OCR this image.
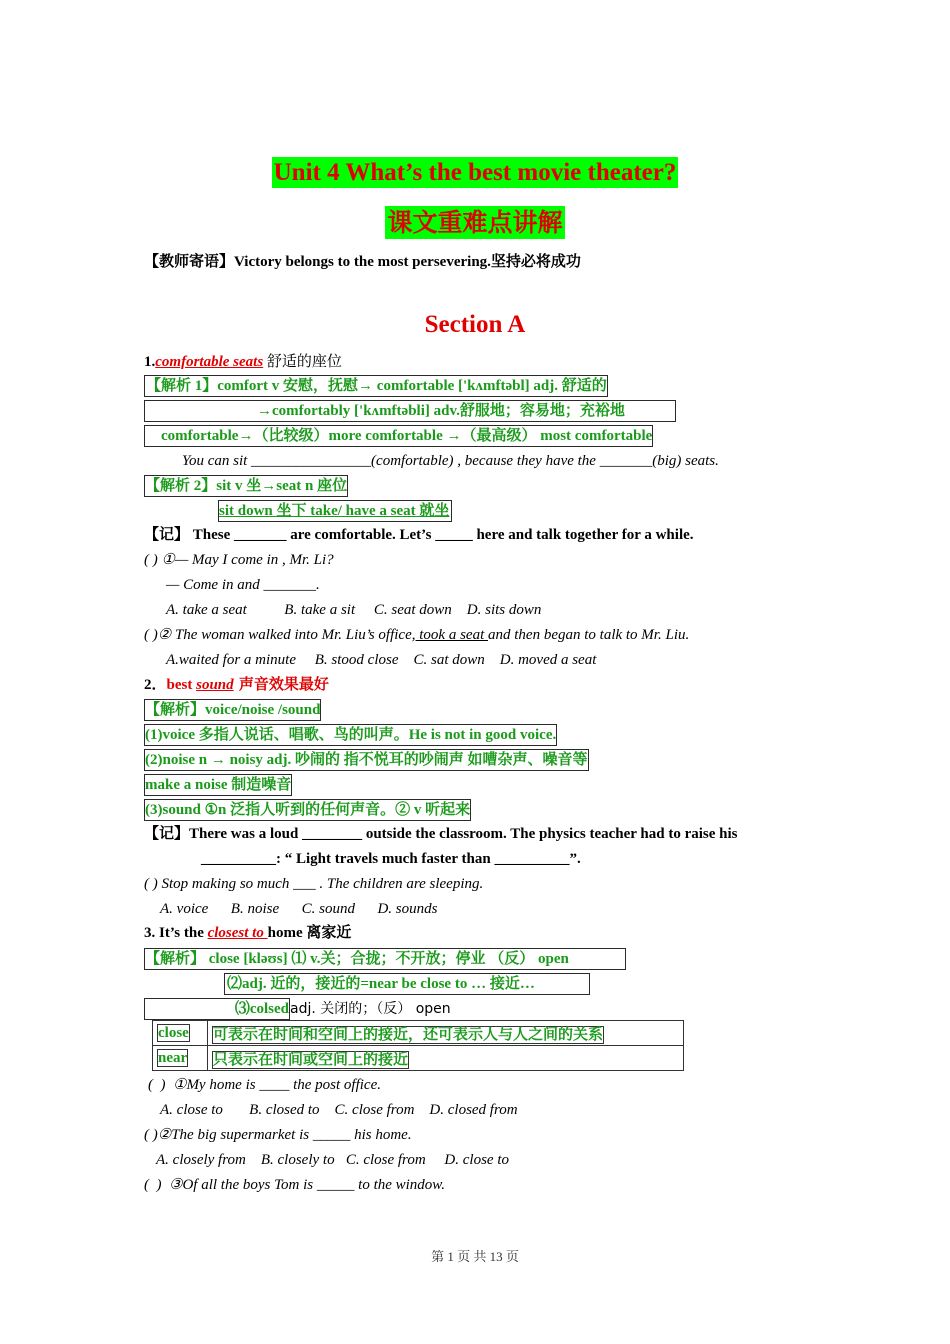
Unit 4 What’s the best movie theater?
课文重难点讲解
【教师寄语】Victory belongs to the most persevering.坚持必将成功
Section A
1.comfortable seats 舒适的座位
【解析 1】comfort v 安慰，抚慰→ comfortable ['kʌmftəbl] adj. 舒适的
→comfortably ['kʌmftəbli] adv.舒服地；容易地；充裕地
comfortable→（比较级）more comfortable →（最高级） most comfortable
You can sit ________________(comfortable) , because they have the _______(big) seats.
【解析 2】sit v 坐→seat n 座位
sit down 坐下 take/ have a seat 就坐
【记】 These _______ are comfortable. Let’s _____ here and talk together for a while.
( ) ①— May I come in , Mr. Li?
— Come in and _______.
A. take a seat          B. take a sit     C. seat down    D. sits down
( )② The woman walked into Mr. Liu’s office, took a seat and then began to talk to Mr. Liu.
A.waited for a minute     B. stood close    C. sat down    D. moved a seat
2．best sound 声音效果最好
【解析】voice/noise /sound
(1)voice 多指人说话、唱歌、鸟的叫声。He is not in good voice.
(2)noise n → noisy adj. 吵闹的 指不悦耳的吵闹声 如嘈杂声、噪音等
make a noise 制造噪音
(3)sound ①n 泛指人听到的任何声音。② v 听起来
【记】There was a loud ________ outside the classroom. The physics teacher had to raise his
__________: “ Light travels much faster than __________”.
( ) Stop making so much ___ . The children are sleeping.
A. voice      B. noise      C. sound      D. sounds
3. It’s the closest to home 离家近
【解析】 close [kləʊs] ⑴ v.关；合拢；不开放；停业 （反） open
⑵adj. 近的，接近的=near be close to … 接近…
⑶colsedadj. 关闭的；（反） open
close	可表示在时间和空间上的接近，还可表示人与人之间的关系
near	只表示在时间或空间上的接近
(  )  ①My home is ____ the post office.
A. close to       B. closed to    C. close from    D. closed from
( )②The big supermarket is _____ his home.
A. closely from    B. closely to   C. close from     D. close to
(  )  ③Of all the boys Tom is _____ to the window.
第 1 页 共 13 页
